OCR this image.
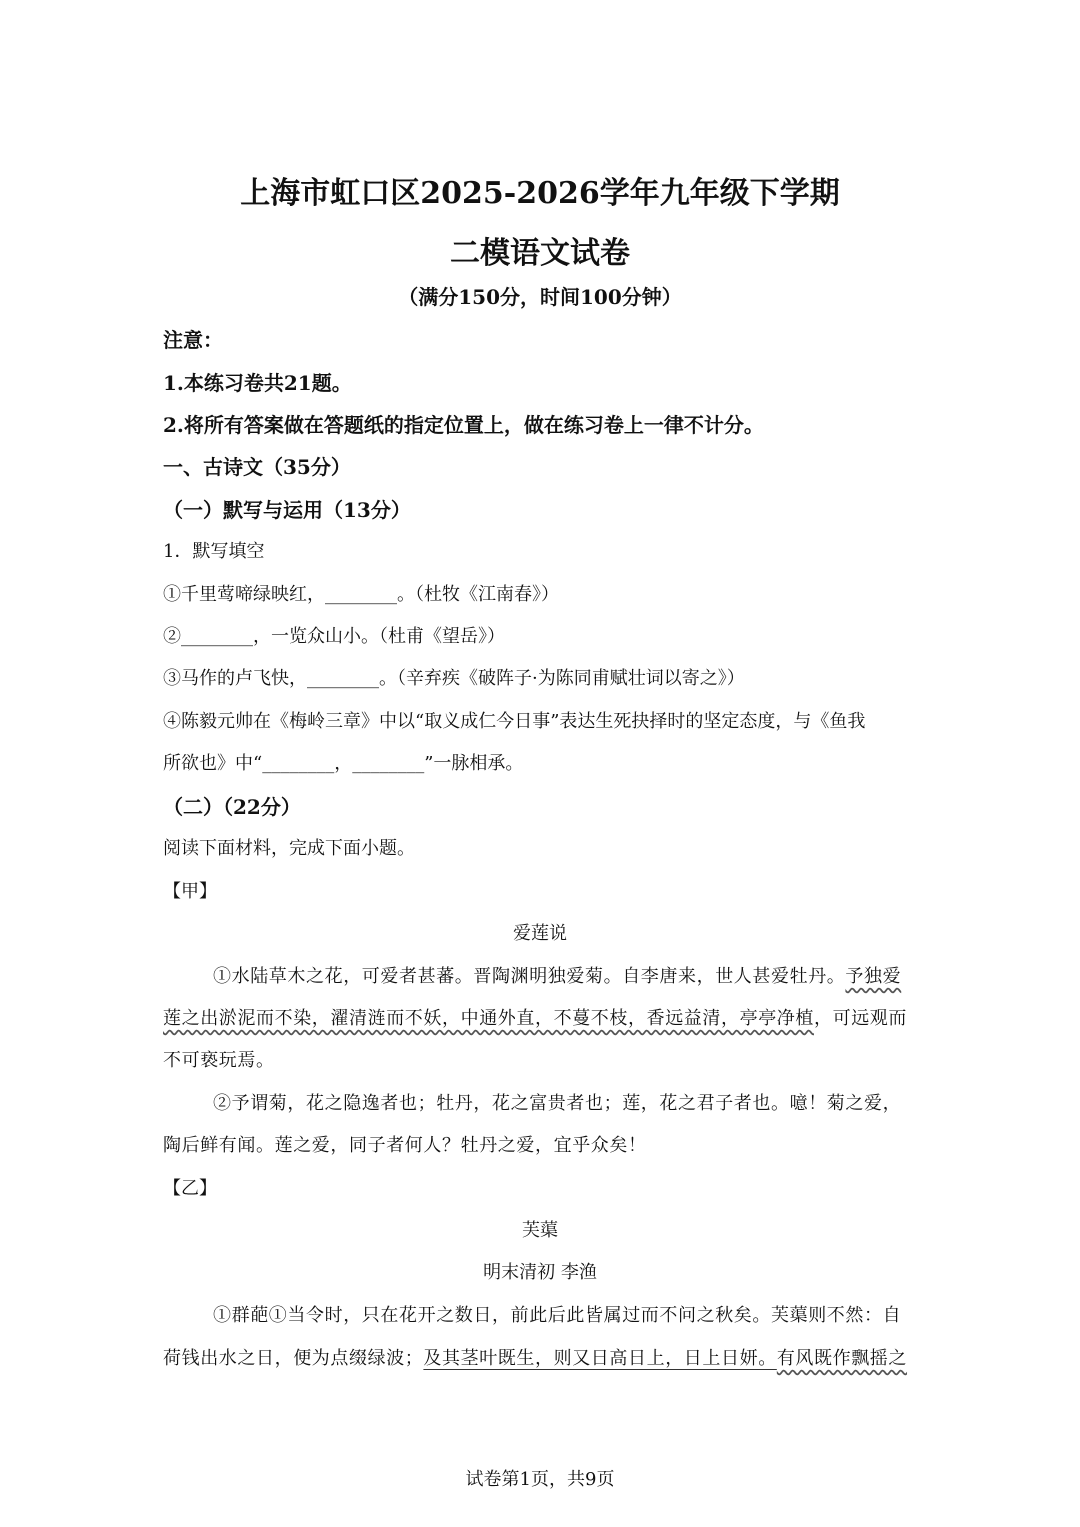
上海市虹口区2025-2026学年九年级下学期
二模语文试卷
（满分150分，时间100分钟）
注意：
1.本练习卷共21题。
2.将所有答案做在答题纸的指定位置上，做在练习卷上一律不计分。
一、古诗文（35分）
（一）默写与运用（13分）
1．默写填空
①千里莺啼绿映红，________。（杜牧《江南春》）
②________，一览众山小。（杜甫《望岳》）
③马作的卢飞快，________。（辛弃疾《破阵子·为陈同甫赋壮词以寄之》）
④陈毅元帅在《梅岭三章》中以“取义成仁今日事”表达生死抉择时的坚定态度，与《鱼我
所欲也》中“________，________”一脉相承。
（二）（22分）
阅读下面材料，完成下面小题。
【甲】
爱莲说
①水陆草木之花，可爱者甚蕃。晋陶渊明独爱菊。自李唐来，世人甚爱牡丹。予独爱
莲之出淤泥而不染，濯清涟而不妖，中通外直，不蔓不枝，香远益清，亭亭净植，可远观而
不可亵玩焉。
②予谓菊，花之隐逸者也；牡丹，花之富贵者也；莲，花之君子者也。噫！菊之爱，
陶后鲜有闻。莲之爱，同子者何人？牡丹之爱，宜乎众矣！
【乙】
芙蕖
明末清初 李渔
①群葩①当令时，只在花开之数日，前此后此皆属过而不问之秋矣。芙蕖则不然：自
荷钱出水之日，便为点缀绿波；及其茎叶既生，则又日高日上，日上日妍。有风既作飘摇之
试卷第1页，共9页
